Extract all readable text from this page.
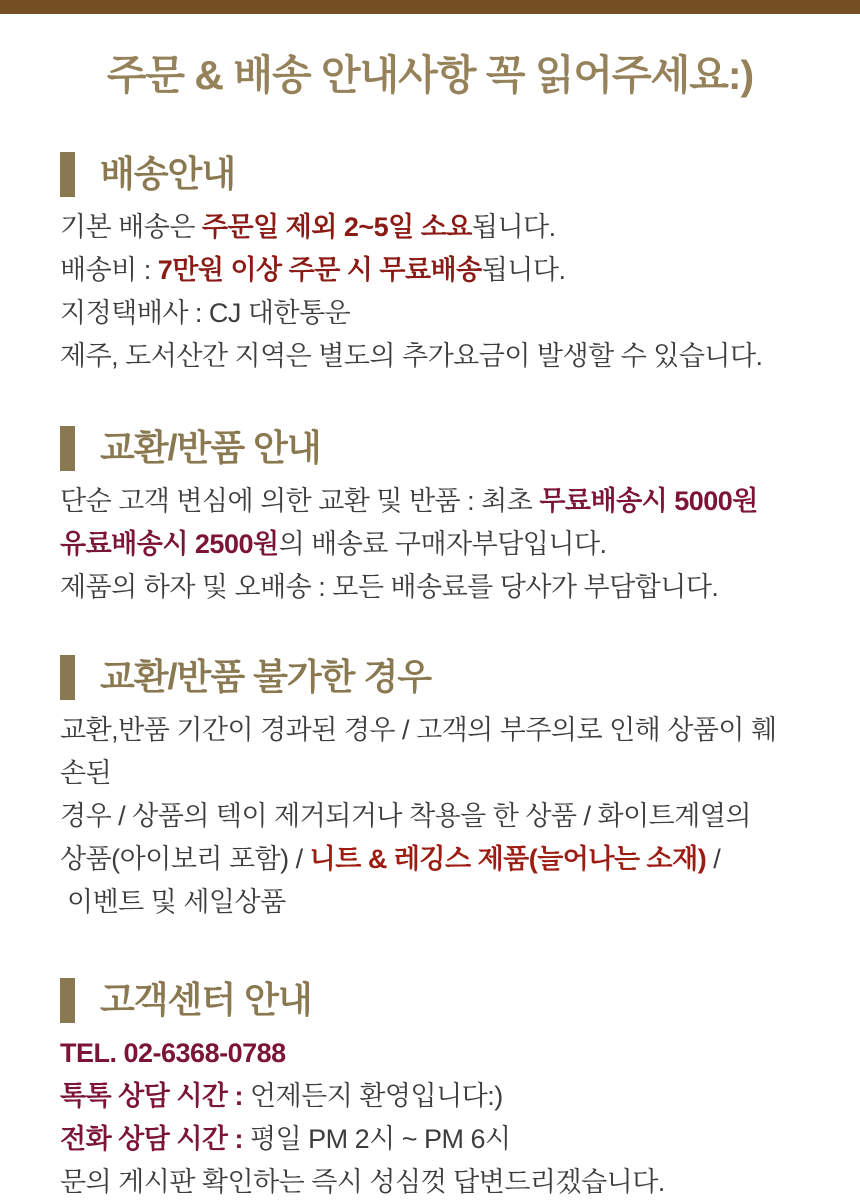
주문 & 배송 안내사항 꼭 읽어주세요:)
배송안내

기본 배송은 주문일 제외 2~5일 소요됩니다.

배송비 : 7만원 이상 주문 시 무료배송됩니다.

지정택배사 : CJ 대한통운

제주, 도서산간 지역은 별도의 추가요금이 발생할 수 있습니다.

교환/반품 안내

단순 고객 변심에 의한 교환 및 반품 : 최초 무료배송시 5000원

유료배송시 2500원의 배송료 구매자부담입니다.

제품의 하자 및 오배송 : 모든 배송료를 당사가 부담합니다.

교환/반품 불가한 경우

교환,반품 기간이 경과된 경우 / 고객의 부주의로 인해 상품이 훼손된

경우 / 상품의 텍이 제거되거나 착용을 한 상품 / 화이트계열의

상품(아이보리 포함) / 니트 & 레깅스 제품(늘어나는 소재) /

이벤트 및 세일상품

고객센터 안내

TEL. 02-6368-0788

톡톡 상담 시간 : 언제든지 환영입니다:)

전화 상담 시간 : 평일 PM 2시 ~ PM 6시

문의 게시판 확인하는 즉시 성심껏 답변드리겠습니다.
